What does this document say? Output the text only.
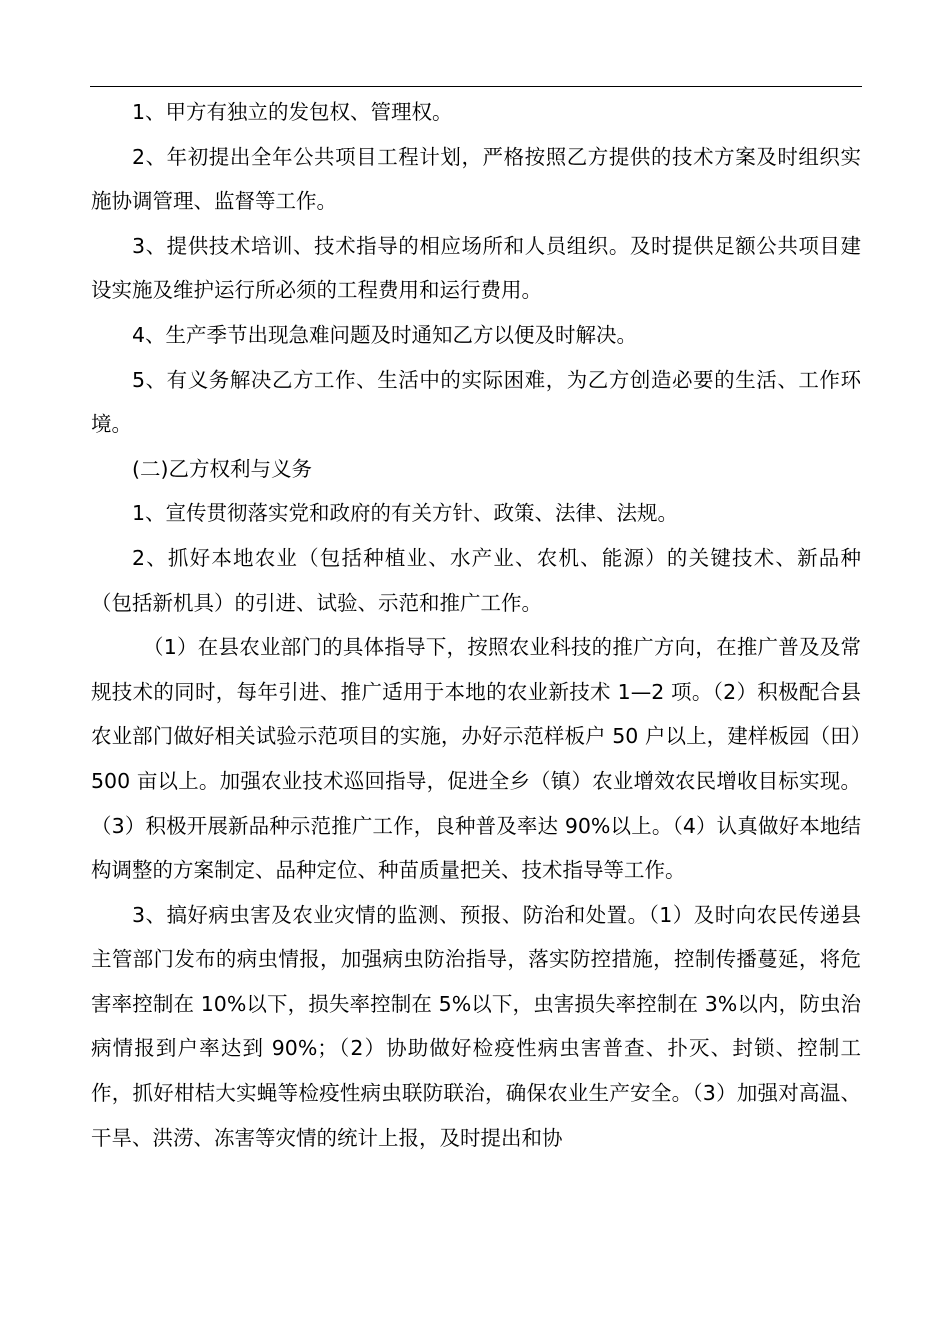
1、甲方有独立的发包权、管理权。

2、年初提出全年公共项目工程计划，严格按照乙方提供的技术方案及时组织实施协调管理、监督等工作。

3、提供技术培训、技术指导的相应场所和人员组织。及时提供足额公共项目建设实施及维护运行所必须的工程费用和运行费用。

4、生产季节出现急难问题及时通知乙方以便及时解决。

5、有义务解决乙方工作、生活中的实际困难，为乙方创造必要的生活、工作环境。

(二)乙方权利与义务

1、宣传贯彻落实党和政府的有关方针、政策、法律、法规。

2、抓好本地农业（包括种植业、水产业、农机、能源）的关键技术、新品种（包括新机具）的引进、试验、示范和推广工作。

（1）在县农业部门的具体指导下，按照农业科技的推广方向，在推广普及及常规技术的同时，每年引进、推广适用于本地的农业新技术 1—2 项。（2）积极配合县农业部门做好相关试验示范项目的实施，办好示范样板户 50 户以上，建样板园（田）500 亩以上。加强农业技术巡回指导，促进全乡（镇）农业增效农民增收目标实现。（3）积极开展新品种示范推广工作，良种普及率达 90%以上。（4）认真做好本地结构调整的方案制定、品种定位、种苗质量把关、技术指导等工作。

3、搞好病虫害及农业灾情的监测、预报、防治和处置。（1）及时向农民传递县主管部门发布的病虫情报，加强病虫防治指导，落实防控措施，控制传播蔓延，将危害率控制在 10%以下，损失率控制在 5%以下，虫害损失率控制在 3%以内，防虫治病情报到户率达到 90%；（2）协助做好检疫性病虫害普查、扑灭、封锁、控制工作，抓好柑桔大实蝇等检疫性病虫联防联治，确保农业生产安全。（3）加强对高温、干旱、洪涝、冻害等灾情的统计上报，及时提出和协
